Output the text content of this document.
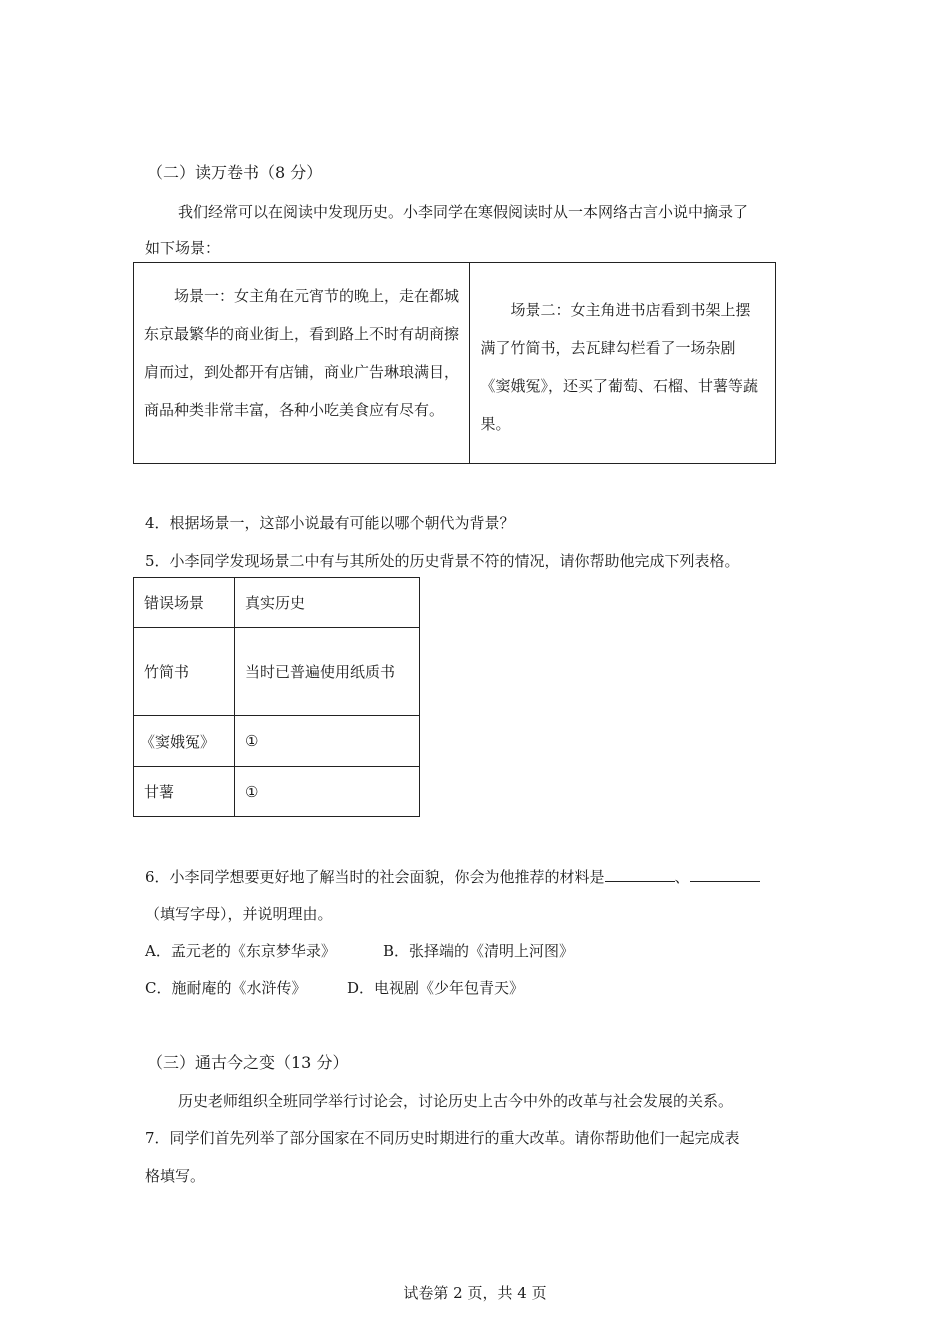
（二）读万卷书（8 分）
我们经常可以在阅读中发现历史。小李同学在寒假阅读时从一本网络古言小说中摘录了
如下场景：
场景一：女主角在元宵节的晚上，走在都城东京最繁华的商业街上，看到路上不时有胡商擦肩而过，到处都开有店铺，商业广告琳琅满目，商品种类非常丰富，各种小吃美食应有尽有。
场景二：女主角进书店看到书架上摆满了竹简书，去瓦肆勾栏看了一场杂剧《窦娥冤》，还买了葡萄、石榴、甘薯等蔬果。
4．根据场景一，这部小说最有可能以哪个朝代为背景？
5．小李同学发现场景二中有与其所处的历史背景不符的情况，请你帮助他完成下列表格。
错误场景	真实历史
竹简书	当时已普遍使用纸质书
《窦娥冤》	①
甘薯	①
6．小李同学想要更好地了解当时的社会面貌，你会为他推荐的材料是	、
（填写字母），并说明理由。
A．孟元老的《东京梦华录》	B．张择端的《清明上河图》
C．施耐庵的《水浒传》	D．电视剧《少年包青天》
（三）通古今之变（13 分）
历史老师组织全班同学举行讨论会，讨论历史上古今中外的改革与社会发展的关系。
7．同学们首先列举了部分国家在不同历史时期进行的重大改革。请你帮助他们一起完成表
格填写。
试卷第 2 页，共 4 页
